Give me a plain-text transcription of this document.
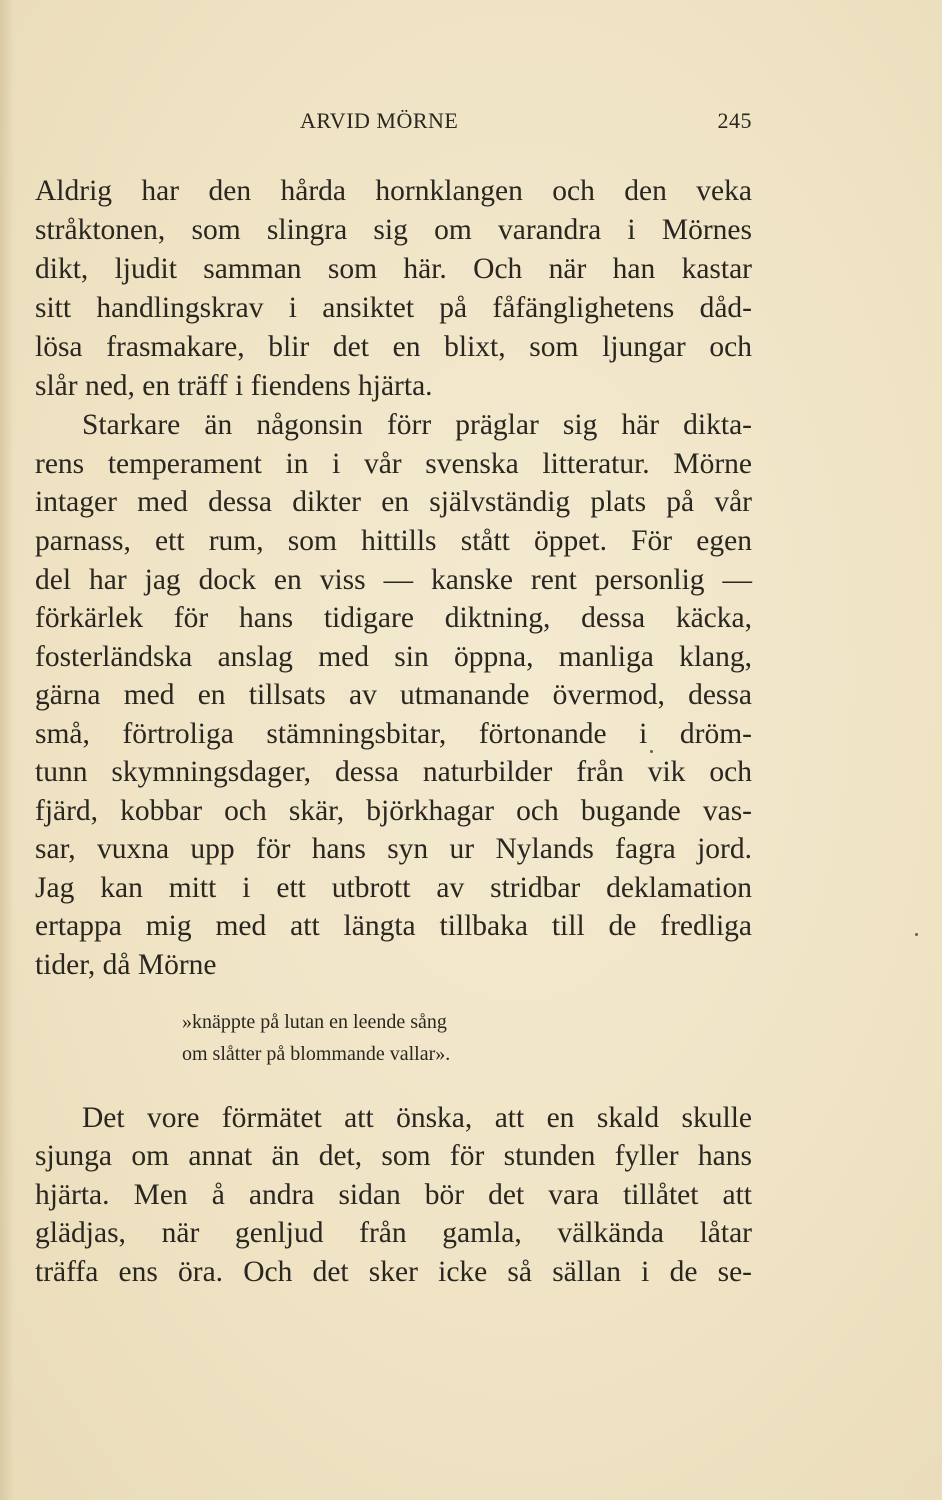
ARVID MÖRNE	245
Aldrig har den hårda hornklangen och den veka
stråktonen, som slingra sig om varandra i Mörnes
dikt, ljudit samman som här. Och när han kastar
sitt handlingskrav i ansiktet på fåfänglighetens dåd-
lösa frasmakare, blir det en blixt, som ljungar och
slår ned, en träff i fiendens hjärta.
Starkare än någonsin förr präglar sig här dikta-
rens temperament in i vår svenska litteratur. Mörne
intager med dessa dikter en självständig plats på vår
parnass, ett rum, som hittills stått öppet. För egen
del har jag dock en viss — kanske rent personlig —
förkärlek för hans tidigare diktning, dessa käcka,
fosterländska anslag med sin öppna, manliga klang,
gärna med en tillsats av utmanande övermod, dessa
små, förtroliga stämningsbitar, förtonande i dröm-
tunn skymningsdager, dessa naturbilder från vik och
fjärd, kobbar och skär, björkhagar och bugande vas-
sar, vuxna upp för hans syn ur Nylands fagra jord.
Jag kan mitt i ett utbrott av stridbar deklamation
ertappa mig med att längta tillbaka till de fredliga
tider, då Mörne
»knäppte på lutan en leende sång
om slåtter på blommande vallar».
Det vore förmätet att önska, att en skald skulle
sjunga om annat än det, som för stunden fyller hans
hjärta. Men å andra sidan bör det vara tillåtet att
glädjas, när genljud från gamla, välkända låtar
träffa ens öra. Och det sker icke så sällan i de se-
